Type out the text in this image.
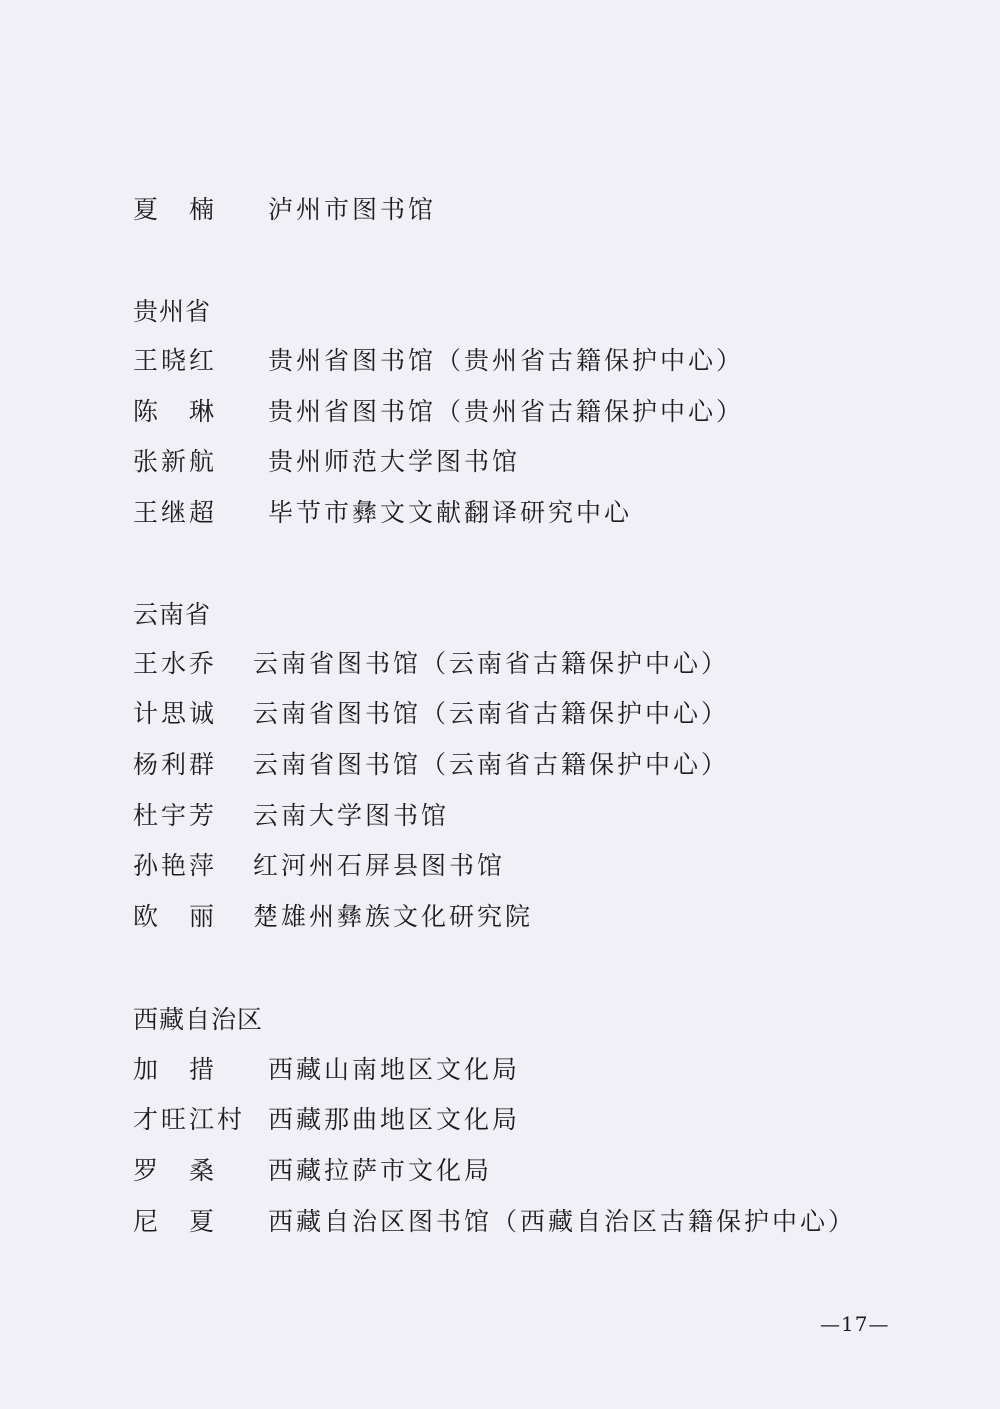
夏　楠 泸州市图书馆
贵州省
王晓红 贵州省图书馆（贵州省古籍保护中心）
陈　琳 贵州省图书馆（贵州省古籍保护中心）
张新航 贵州师范大学图书馆
王继超 毕节市彝文文献翻译研究中心
云南省
王水乔 云南省图书馆（云南省古籍保护中心）
计思诚 云南省图书馆（云南省古籍保护中心）
杨利群 云南省图书馆（云南省古籍保护中心）
杜宇芳 云南大学图书馆
孙艳萍 红河州石屏县图书馆
欧　丽 楚雄州彝族文化研究院
西藏自治区
加　措 西藏山南地区文化局
才旺江村 西藏那曲地区文化局
罗　桑 西藏拉萨市文化局
尼　夏 西藏自治区图书馆（西藏自治区古籍保护中心）
—17—
